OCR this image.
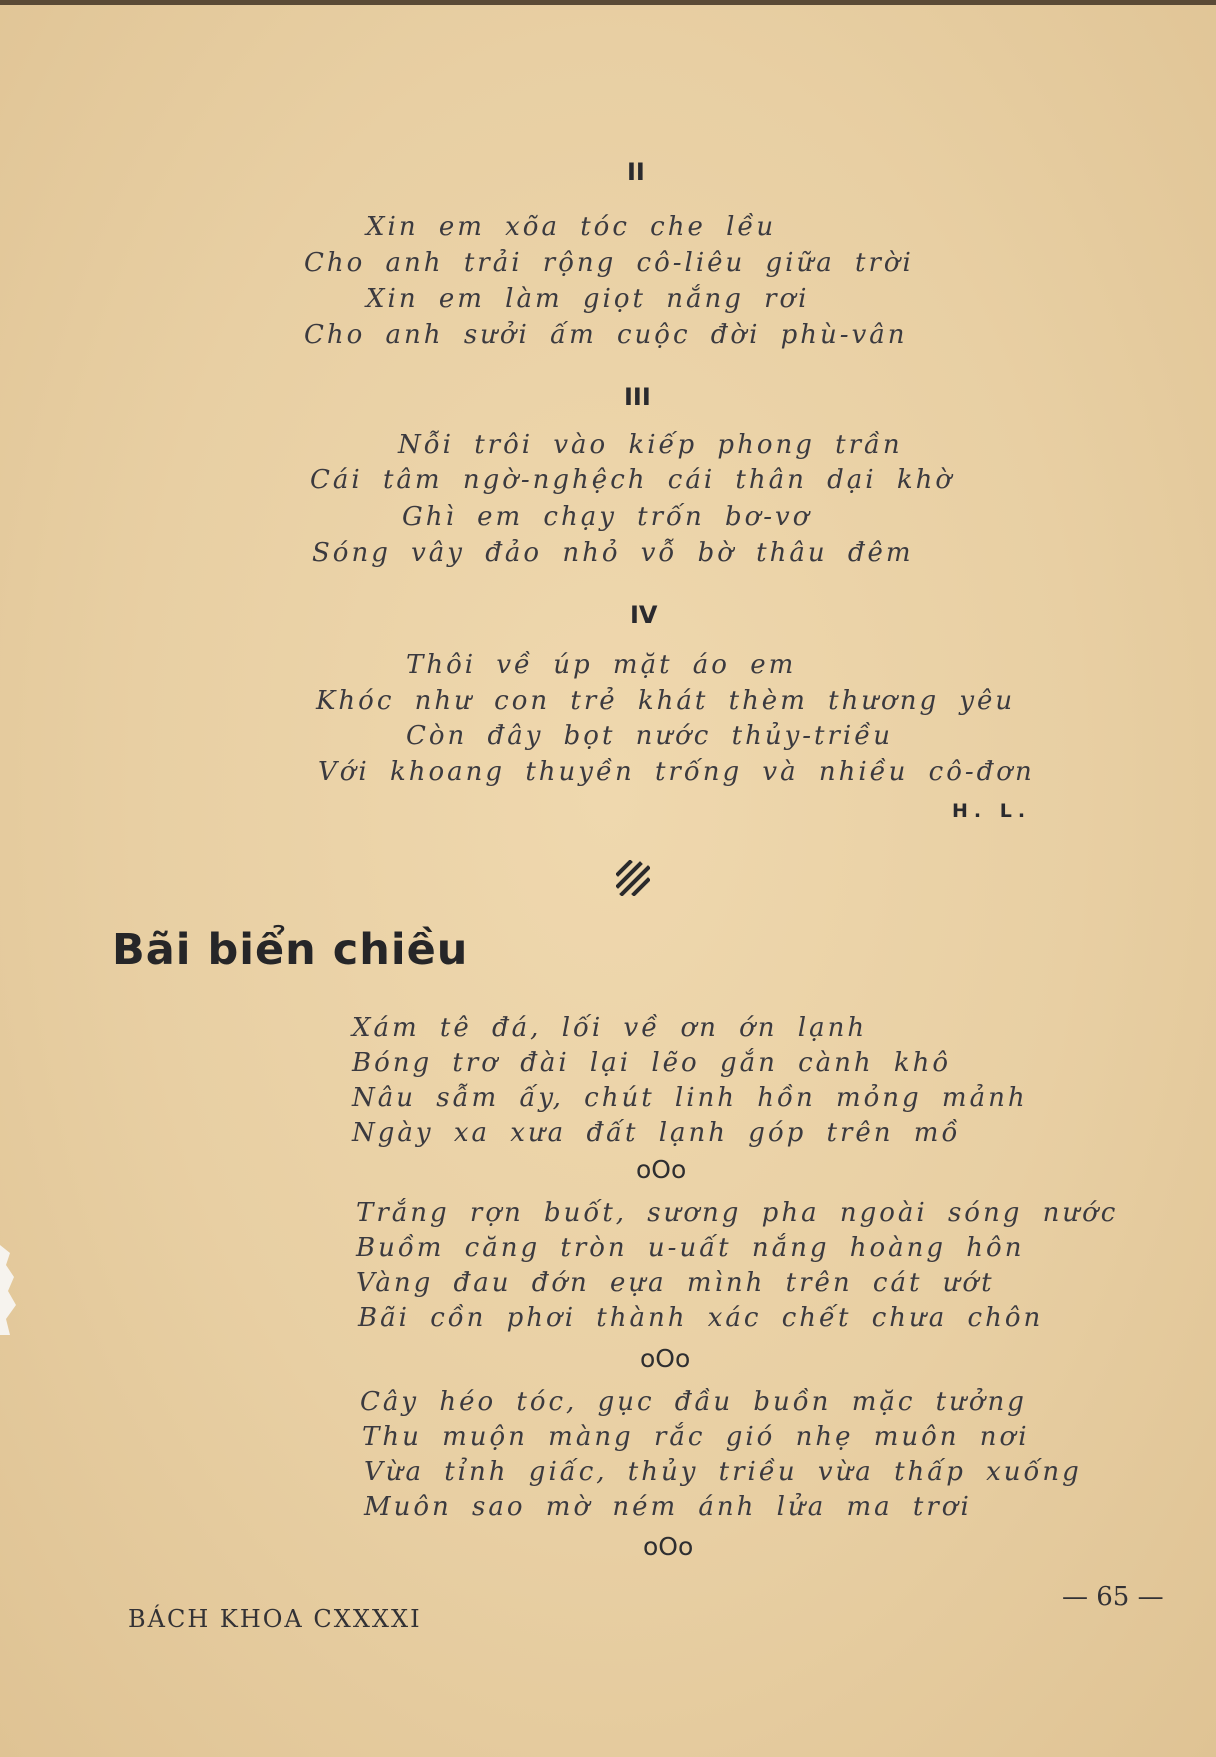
II
Xin em xõa tóc che lều
Cho anh trải rộng cô-liêu giữa trời
Xin em làm giọt nắng rơi
Cho anh sưởi ấm cuộc đời phù-vân
III
Nỗi trôi vào kiếp phong trần
Cái tâm ngờ-nghệch cái thân dại khờ
Ghì em chạy trốn bơ-vơ
Sóng vây đảo nhỏ vỗ bờ thâu đêm
IV
Thôi về úp mặt áo em
Khóc như con trẻ khát thèm thương yêu
Còn đây bọt nước thủy-triều
Với khoang thuyền trống và nhiều cô-đơn
H. L.
Bãi biển chiều
Xám tê đá, lối về ơn ớn lạnh
Bóng trơ đài lại lẽo gắn cành khô
Nâu sẫm ấy, chút linh hồn mỏng mảnh
Ngày xa xưa đất lạnh góp trên mồ
oOo
Trắng rợn buốt, sương pha ngoài sóng nước
Buồm căng tròn u-uất nắng hoàng hôn
Vàng đau đớn eựa mình trên cát ướt
Bãi cồn phơi thành xác chết chưa chôn
oOo
Cây héo tóc, gục đầu buồn mặc tưởng
Thu muộn màng rắc gió nhẹ muôn nơi
Vừa tỉnh giấc, thủy triều vừa thấp xuống
Muôn sao mờ ném ánh lửa ma trơi
oOo
BÁCH KHOA CXXXXI
— 65 —
